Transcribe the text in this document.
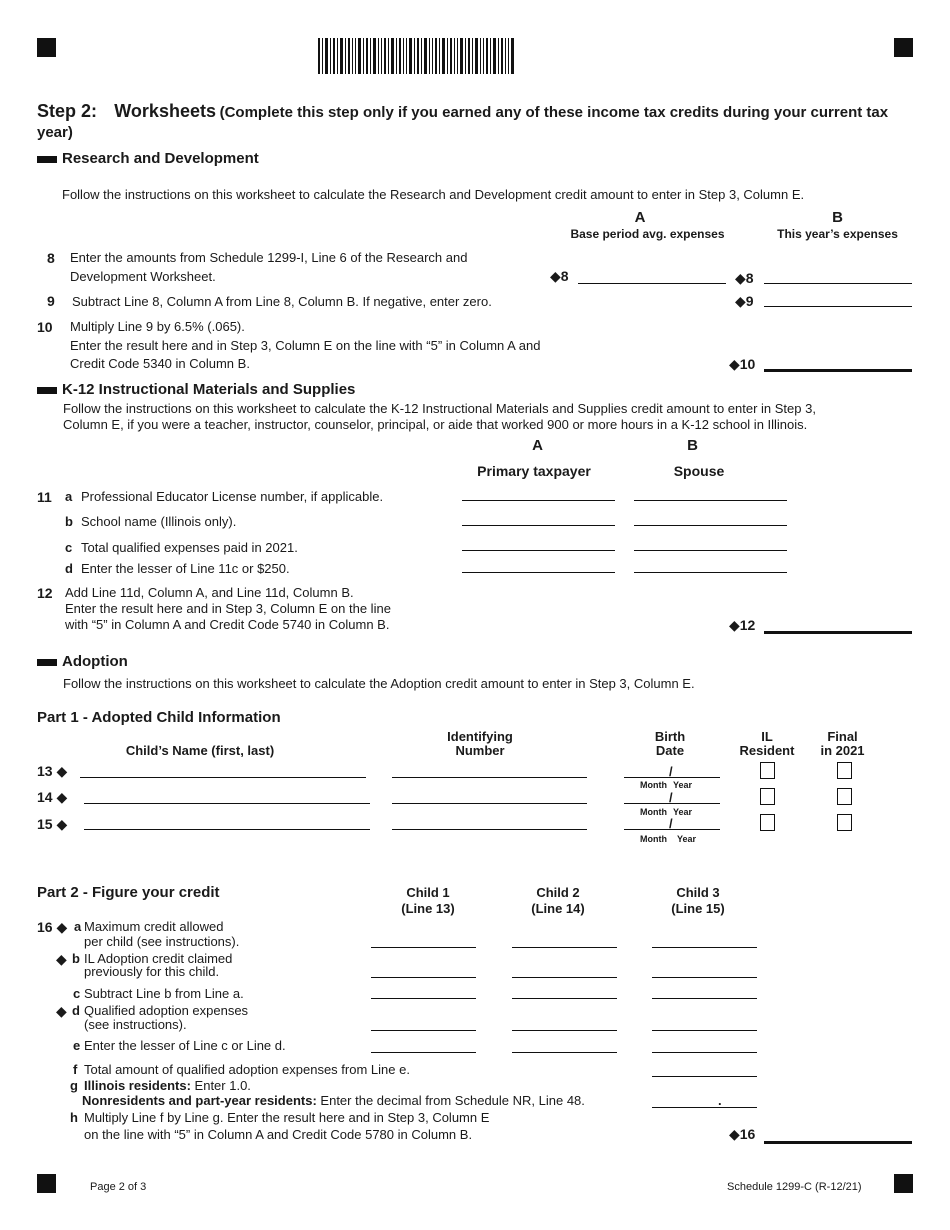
Step 2: Worksheets (Complete this step only if you earned any of these income tax credits during your current tax year)
Research and Development
Follow the instructions on this worksheet to calculate the Research and Development credit amount to enter in Step 3, Column E.
A
Base period avg. expenses
B
This year’s expenses
8 Enter the amounts from Schedule 1299-I, Line 6 of the Research and
Development Worksheet.	◆8	◆8
9 Subtract Line 8, Column A from Line 8, Column B. If negative, enter zero.	◆9
10 Multiply Line 9 by 6.5% (.065).
Enter the result here and in Step 3, Column E on the line with “5” in Column A and
Credit Code 5340 in Column B.	◆10
K-12 Instructional Materials and Supplies
Follow the instructions on this worksheet to calculate the K-12 Instructional Materials and Supplies credit amount to enter in Step 3,
Column E, if you were a teacher, instructor, counselor, principal, or aide that worked 900 or more hours in a K-12 school in Illinois.
A
Primary taxpayer
B
Spouse
11 a Professional Educator License number, if applicable.
b School name (Illinois only).
c Total qualified expenses paid in 2021.
d Enter the lesser of Line 11c or $250.
12 Add Line 11d, Column A, and Line 11d, Column B.
Enter the result here and in Step 3, Column E on the line
with “5” in Column A and Credit Code 5740 in Column B.	◆12
Adoption
Follow the instructions on this worksheet to calculate the Adoption credit amount to enter in Step 3, Column E.
Part 1 - Adopted Child Information
Child’s Name (first, last)
Identifying
Number
Birth
Date
IL
Resident
Final
in 2021
13 ◆	/
Month Year
14 ◆	/
Month Year
15 ◆	/
Month Year
Part 2 - Figure your credit	Child 1
(Line 13)
Child 2
(Line 14)
Child 3
(Line 15)
16 ◆ a Maximum credit allowed
per child (see instructions).
◆ b IL Adoption credit claimed
previously for this child.
c Subtract Line b from Line a.
◆ d Qualified adoption expenses
(see instructions).
e Enter the lesser of Line c or Line d.
f Total amount of qualified adoption expenses from Line e.
g Illinois residents: Enter 1.0.
Nonresidents and part-year residents: Enter the decimal from Schedule NR, Line 48.	.
h Multiply Line f by Line g. Enter the result here and in Step 3, Column E
on the line with “5” in Column A and Credit Code 5780 in Column B.	◆16
Page 2 of 3	Schedule 1299-C (R-12/21)
